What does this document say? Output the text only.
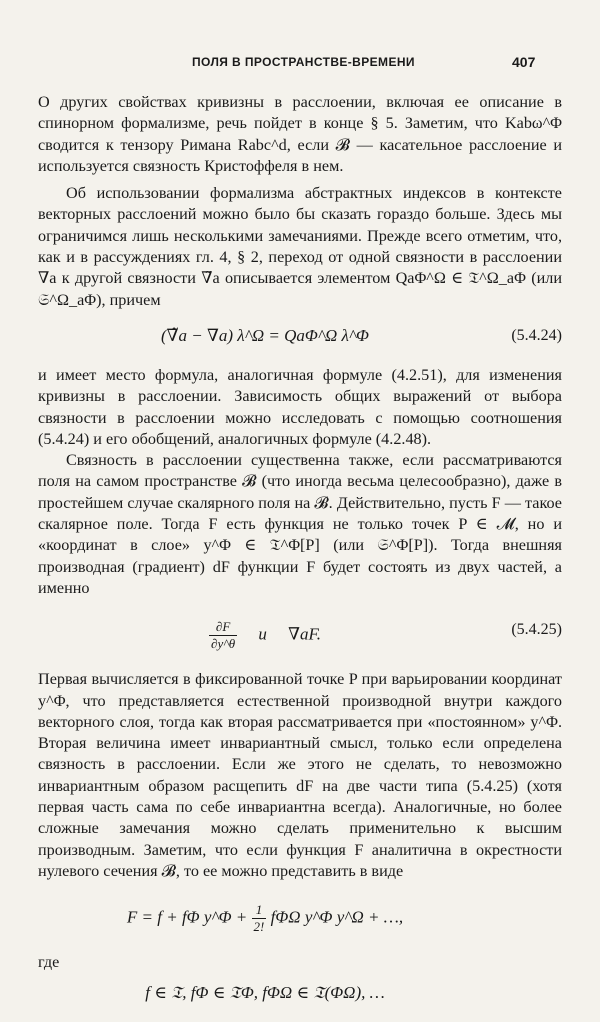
ПОЛЯ В ПРОСТРАНСТВЕ-ВРЕМЕНИ	407

О других свойствах кривизны в расслоении, включая ее описание в спинорном формализме, речь пойдет в конце § 5. Заметим, что Kabω^Φ сводится к тензору Римана Rabc^d, если 𝓑 — касательное расслоение и используется связность Кристоффеля в нем.

Об использовании формализма абстрактных индексов в контексте векторных расслоений можно было бы сказать гораздо больше. Здесь мы ограничимся лишь несколькими замечаниями. Прежде всего отметим, что, как и в рассуждениях гл. 4, § 2, переход от одной связности в расслоении ∇a к другой связности ∇̃a описывается элементом QaΦ^Ω ∈ 𝔗^Ω_aΦ (или 𝔖^Ω_aΦ), причем

(∇̃a − ∇a) λ^Ω = QaΦ^Ω λ^Φ	(5.4.24)

и имеет место формула, аналогичная формуле (4.2.51), для изменения кривизны в расслоении. Зависимость общих выражений от выбора связности в расслоении можно исследовать с помощью соотношения (5.4.24) и его обобщений, аналогичных формуле (4.2.48).

Связность в расслоении существенна также, если рассматриваются поля на самом пространстве 𝓑 (что иногда весьма целесообразно), даже в простейшем случае скалярного поля на 𝓑. Действительно, пусть F — такое скалярное поле. Тогда F есть функция не только точек P ∈ 𝓜, но и «координат в слое» y^Φ ∈ 𝔗^Φ[P] (или 𝔖^Φ[P]). Тогда внешняя производная (градиент) dF функции F будет состоять из двух частей, а именно

$\frac{\partial F}{\partial y\^{}\theta}$ и ∇aF.	(5.4.25)

Первая вычисляется в фиксированной точке P при варьировании координат y^Φ, что представляется естественной производной внутри каждого векторного слоя, тогда как вторая рассматривается при «постоянном» y^Φ. Вторая величина имеет инвариантный смысл, только если определена связность в расслоении. Если же этого не сделать, то невозможно инвариантным образом расщепить dF на две части типа (5.4.25) (хотя первая часть сама по себе инвариантна всегда). Аналогичные, но более сложные замечания можно сделать применительно к высшим производным. Заметим, что если функция F аналитична в окрестности нулевого сечения 𝓑, то ее можно представить в виде

F = f + fΦ y^Φ + $\frac{1}{2!}$ fΦΩ y^Φ y^Ω + …,

где

f ∈ 𝔗, fΦ ∈ 𝔗Φ, fΦΩ ∈ 𝔗(ΦΩ), …
